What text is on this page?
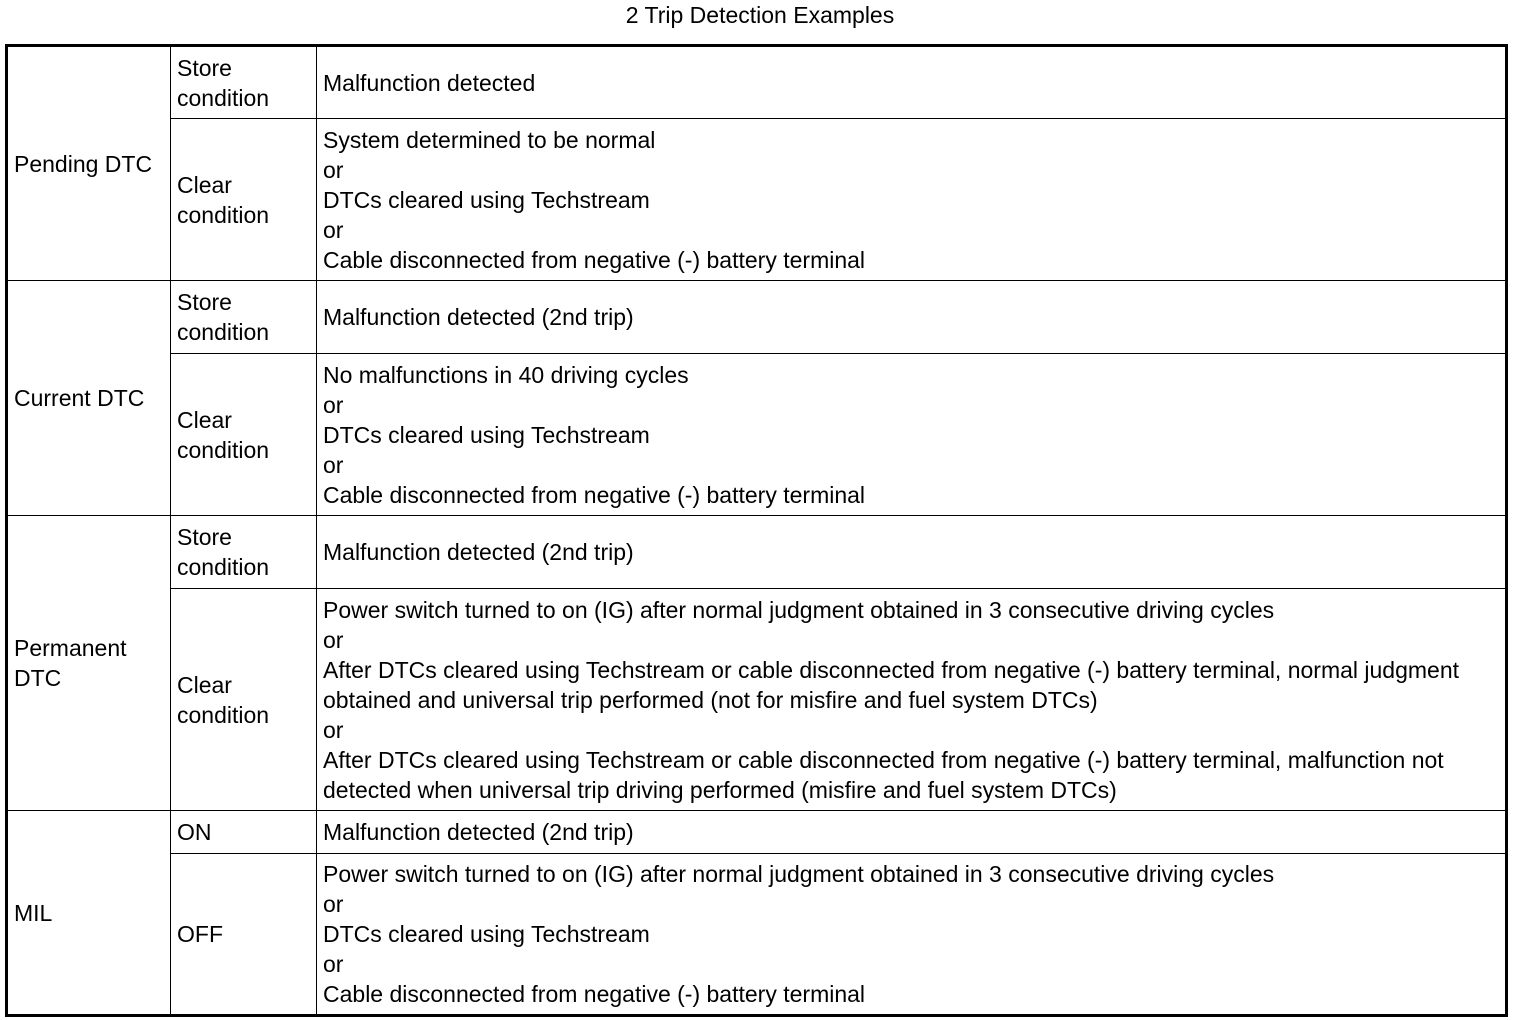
2 Trip Detection Examples
Pending DTC	Store condition	Malfunction detected

	Clear condition	System determined to be normal
or
DTCs cleared using Techstream
or
Cable disconnected from negative (-) battery terminal

Current DTC	Store condition	Malfunction detected (2nd trip)

	Clear condition	No malfunctions in 40 driving cycles
or
DTCs cleared using Techstream
or
Cable disconnected from negative (-) battery terminal

Permanent DTC	Store condition	Malfunction detected (2nd trip)

	Clear condition	Power switch turned to on (IG) after normal judgment obtained in 3 consecutive driving cycles
or
After DTCs cleared using Techstream or cable disconnected from negative (-) battery terminal, normal judgment obtained and universal trip performed (not for misfire and fuel system DTCs)
or
After DTCs cleared using Techstream or cable disconnected from negative (-) battery terminal, malfunction not detected when universal trip driving performed (misfire and fuel system DTCs)

MIL	ON	Malfunction detected (2nd trip)

	OFF	Power switch turned to on (IG) after normal judgment obtained in 3 consecutive driving cycles
or
DTCs cleared using Techstream
or
Cable disconnected from negative (-) battery terminal
